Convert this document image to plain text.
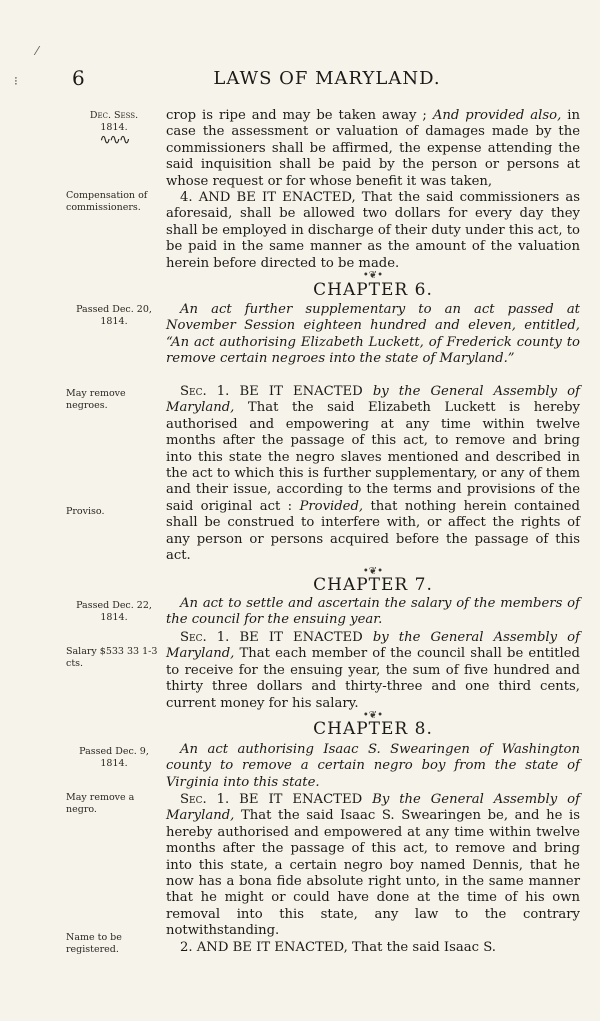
⁄
⁝	6	LAWS OF MARYLAND.
Dec. Sess.
1814.
∿∿∿
crop is ripe and may be taken away ; And provided also, in case the assessment or valuation of damages made by the commissioners shall be affirmed, the expense attending the said inquisition shall be paid by the person or persons at whose request or for whose benefit it was taken,
Compensation of commissioners.
4. AND BE IT ENACTED, That the said commissioners as aforesaid, shall be allowed two dollars for every day they shall be employed in discharge of their duty under this act, to be paid in the same manner as the amount of the valuation herein before directed to be made.
•❦•
CHAPTER 6.
Passed Dec. 20, 1814.
An act further supplementary to an act passed at November Session eighteen hundred and eleven, entitled, “An act authorising Elizabeth Luckett, of Frederick county to remove certain negroes into the state of Maryland.”
May remove negroes.
Sec. 1. BE IT ENACTED by the General Assembly of Maryland, That the said Elizabeth Luckett is hereby authorised and empowering at any time within twelve months after the passage of this act, to remove and bring into this state the negro slaves mentioned and described in the act to which this is further supplementary, or any of them and their issue, according to the terms and provisions of the said original act : Provided, that nothing herein contained shall be construed to interfere with, or affect the rights of any person or persons acquired before the passage of this act.
Proviso.
•❦•
CHAPTER 7.
Passed Dec. 22, 1814.
An act to settle and ascertain the salary of the members of the council for the ensuing year.
Salary $533 33 1-3 cts.
Sec. 1. BE IT ENACTED by the General Assembly of Maryland, That each member of the council shall be entitled to receive for the ensuing year, the sum of five hundred and thirty three dollars and thirty-three and one third cents, current money for his salary.
•❦•
CHAPTER 8.
Passed Dec. 9, 1814.
An act authorising Isaac S. Swearingen of Washington county to remove a certain negro boy from the state of Virginia into this state.
May remove a negro.
Sec. 1. BE IT ENACTED By the General Assembly of Maryland, That the said Isaac S. Swearingen be, and he is hereby authorised and empowered at any time within twelve months after the passage of this act, to remove and bring into this state, a certain negro boy named Dennis, that he now has a bona fide absolute right unto, in the same manner that he might or could have done at the time of his own removal into this state, any law to the contrary notwithstanding.
Name to be registered.	2. AND BE IT ENACTED, That the said Isaac S.
